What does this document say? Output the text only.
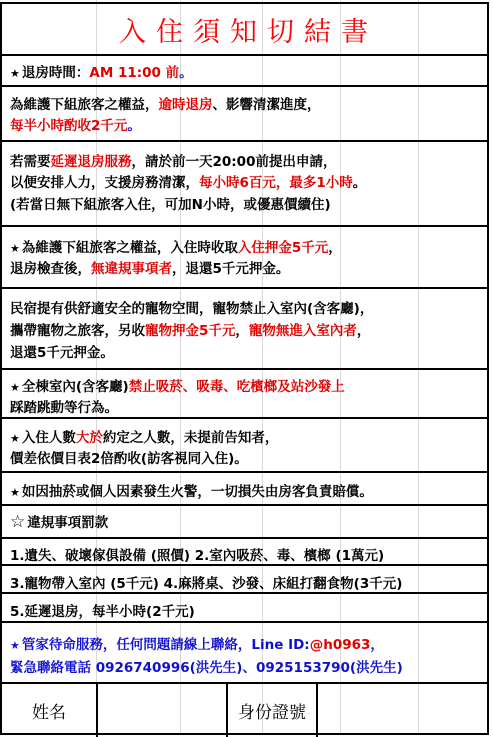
入住須知切結書
★ 退房時間：AM 11:00 前。
為維護下組旅客之權益，逾時退房、影響清潔進度，
每半小時酌收2千元。
若需要延遲退房服務，請於前一天20:00前提出申請，
以便安排人力，支援房務清潔，每小時6百元，最多1小時。
(若當日無下組旅客入住，可加N小時，或優惠價續住)
★ 為維護下組旅客之權益，入住時收取入住押金5千元，
退房檢查後，無違規事項者，退還5千元押金。
民宿提有供舒適安全的寵物空間，寵物禁止入室內(含客廳)，
攜帶寵物之旅客，另收寵物押金5千元，寵物無進入室內者，
退還5千元押金。
★ 全棟室內(含客廳)禁止吸菸、吸毒、吃檳榔及站沙發上
踩踏跳動等行為。
★ 入住人數大於約定之人數，未提前告知者，
價差依價目表2倍酌收(訪客視同入住)。
★ 如因抽菸或個人因素發生火警，一切損失由房客負責賠償。
☆ 違規事項罰款
1.遺失、破壞傢俱設備 (照價) 2.室內吸菸、毒、檳榔 (1萬元)
3.寵物帶入室內 (5千元) 4.麻將桌、沙發、床組打翻食物(3千元)
5.延遲退房，每半小時(2千元)
★ 管家待命服務，任何問題請線上聯絡，Line ID:@h0963，
緊急聯絡電話 0926740996(洪先生)、0925153790(洪先生)
姓名	身份證號
